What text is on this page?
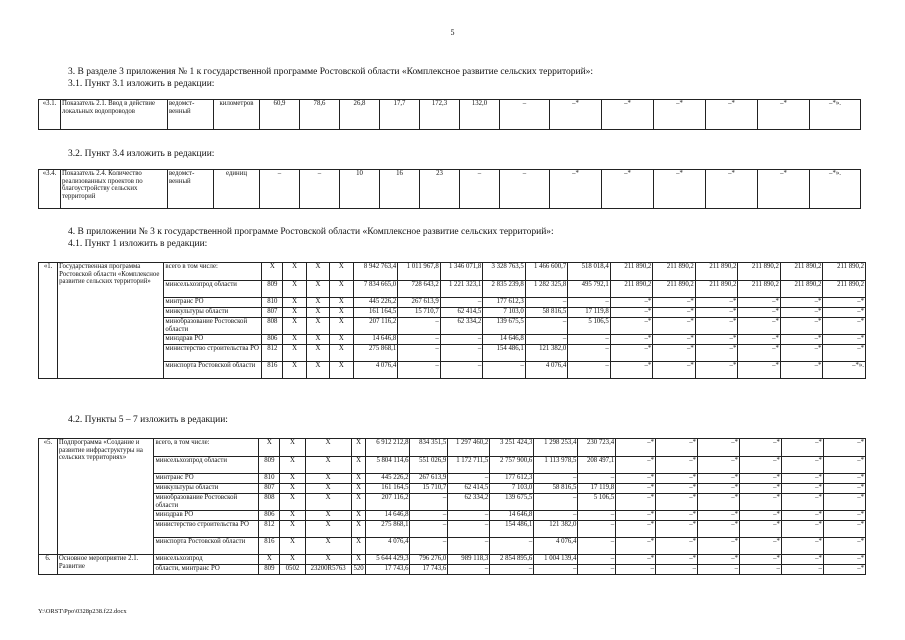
5
3. В разделе 3 приложения № 1 к государственной программе Ростовской области «Комплексное развитие сельских территорий»:
3.1. Пункт 3.1 изложить в редакции:
«3.1.	Показатель 2.1. Ввод в действие локальных водопроводов	ведомст-венный	километров	60,9	78,6	26,8	17,7	172,3	132,0	–	–*	–*	–*	–*	–*	–*».
3.2. Пункт 3.4 изложить в редакции:
«3.4.	Показатель 2.4. Количество реализованных проектов по благоустройству сельских территорий	ведомст-венный	единиц	–	–	10	16	23	–	–	–*	–*	–*	–*	–*	–*».
4. В приложении № 3 к государственной программе Ростовской области «Комплексное развитие сельских территорий»:
4.1. Пункт 1 изложить в редакции:
«1.	Государственная программа Ростовской области «Комплексное развитие сельских территорий»	всего в том числе:	X	X	X	X	8 942 763,4	1 011 967,8	1 346 071,8	3 328 763,5	1 466 600,7	518 018,4	211 890,2	211 890,2	211 890,2	211 890,2	211 890,2	211 890,2
		минсельхозпрод области	809	X	X	X	7 834 665,0	728 643,2	1 221 323,1	2 835 239,8	1 282 325,8	495 792,1	211 890,2	211 890,2	211 890,2	211 890,2	211 890,2	211 890,2
		минтранс РО	810	X	X	X	445 226,2	267 613,9	–	177 612,3	–	–	–*	–*	–*	–*	–*	–*
		минкультуры области	807	X	X	X	161 164,5	15 710,7	62 414,5	7 103,0	58 816,5	17 119,8	–*	–*	–*	–*	–*	–*
		минобразование Ростовской области	808	X	X	X	207 116,2	–	62 334,2	139 675,5	–	5 106,5	–*	–*	–*	–*	–*	–*
		минздрав РО	806	X	X	X	14 646,8	–	–	14 646,8	–	–	–*	–*	–*	–*	–*	–*
		министерство строительства РО	812	X	X	X	275 868,1	–	–	154 486,1	121 382,0	–	–*	–*	–*	–*	–*	–*
		минспорта Ростовской области	816	X	X	X	4 076,4	–	–	–	4 076,4	–	–*	–*	–*	–*	–*	–*».
4.2. Пункты 5 – 7 изложить в редакции:
«5.	Подпрограмма «Создание и развитие инфраструктуры на сельских территориях»	всего, в том числе:	X	X	X	X	6 912 212,8	834 351,5	1 297 460,2	3 251 424,3	1 298 253,4	230 723,4	–*	–*	–*	–*	–*	–*
		минсельхозпрод области	809	X	X	X	5 804 114,6	551 026,9	1 172 711,5	2 757 900,6	1 113 978,5	208 497,1	–*	–*	–*	–*	–*	–*
		минтранс РО	810	X	X	X	445 226,2	267 613,9	–	177 612,3	–	–	–*	–*	–*	–*	–*	–*
		минкультуры области	807	X	X	X	161 164,5	15 710,7	62 414,5	7 103,0	58 816,5	17 119,8	–*	–*	–*	–*	–*	–*
		минобразование Ростовской области	808	X	X	X	207 116,2	–	62 334,2	139 675,5	–	5 106,5	–*	–*	–*	–*	–*	–*
		минздрав РО	806	X	X	X	14 646,8	–	–	14 646,8	–	–	–*	–*	–*	–*	–*	–*
		министерство строительства РО	812	X	X	X	275 868,1	–	–	154 486,1	121 382,0	–	–*	–*	–*	–*	–*	–*
		минспорта Ростовской области	816	X	X	X	4 076,4	–	–	–	4 076,4	–	–*	–*	–*	–*	–*	–*
6.	Основное мероприятие 2.1. Развитие	минсельхозпрод	X	X	X	X	5 644 429,3	796 276,0	989 118,3	2 854 895,6	1 004 139,4	–	–*	–*	–*	–*	–*	–*
		области, минтранс РО	809	0502	23200R5763	520	17 743,6	17 743,6	–	–	–	–	–	–	–	–	–	–*
Y:\ORST\Ppo\0328p238.f22.docx
